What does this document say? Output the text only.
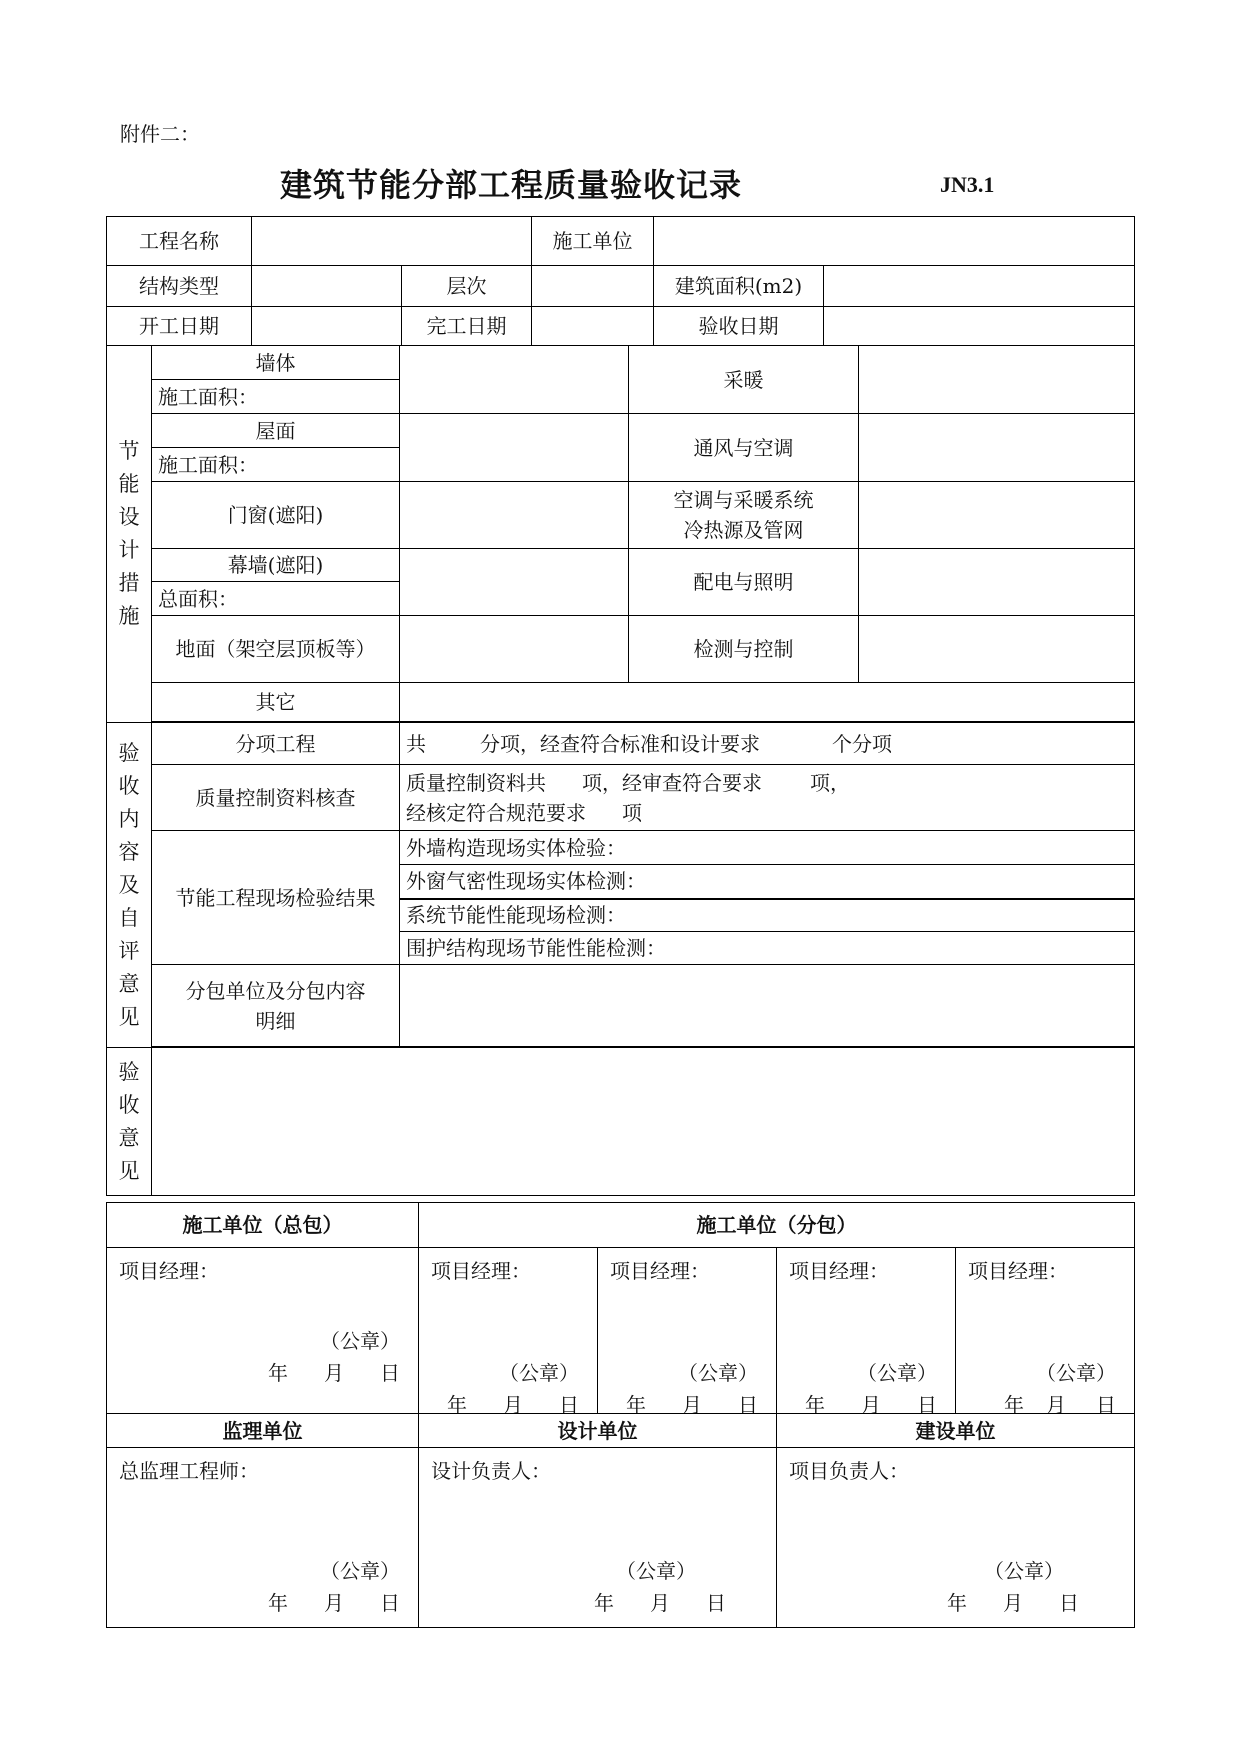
附件二：
建筑节能分部工程质量验收记录	JN3.1
工程名称			施工单位		
结构类型		层次		建筑面积(m2)	
开工日期		完工日期		验收日期	
节能设计措施	墙体		采暖	
	施工面积：			
	屋面		通风与空调	
	施工面积：			
	门窗(遮阳)		空调与采暖系统
冷热源及管网	

	幕墙(遮阳)		配电与照明	
	总面积：			
	地面（架空层顶板等）		检测与控制	
	其它			

验收内容及自评意见	分项工程	共 分项，经查符合标准和设计要求 个分项		
	质量控制资料核查	质量控制资料共 项，经审查符合要求 项，
经核定符合规范要求 项		

	节能工程现场检验结果	外墙构造现场实体检验：		
		外窗气密性现场实体检测：		
		系统节能性能现场检测：		
		围护结构现场节能性能检测：		

	分包单位及分包内容
明细			

验收意见				

施工单位（总包）	施工单位（分包）			

项目经理：
（公章）
年 月 日	项目经理：
（公章）
年 月 日	项目经理：
（公章）
年 月 日	项目经理：
（公章）
年 月 日	项目经理：
（公章）
年 月 日
监理单位	设计单位	建设单位

总监理工程师：
（公章）
年 月 日	设计负责人：
（公章）
年 月 日	项目负责人：
（公章）
年 月 日
